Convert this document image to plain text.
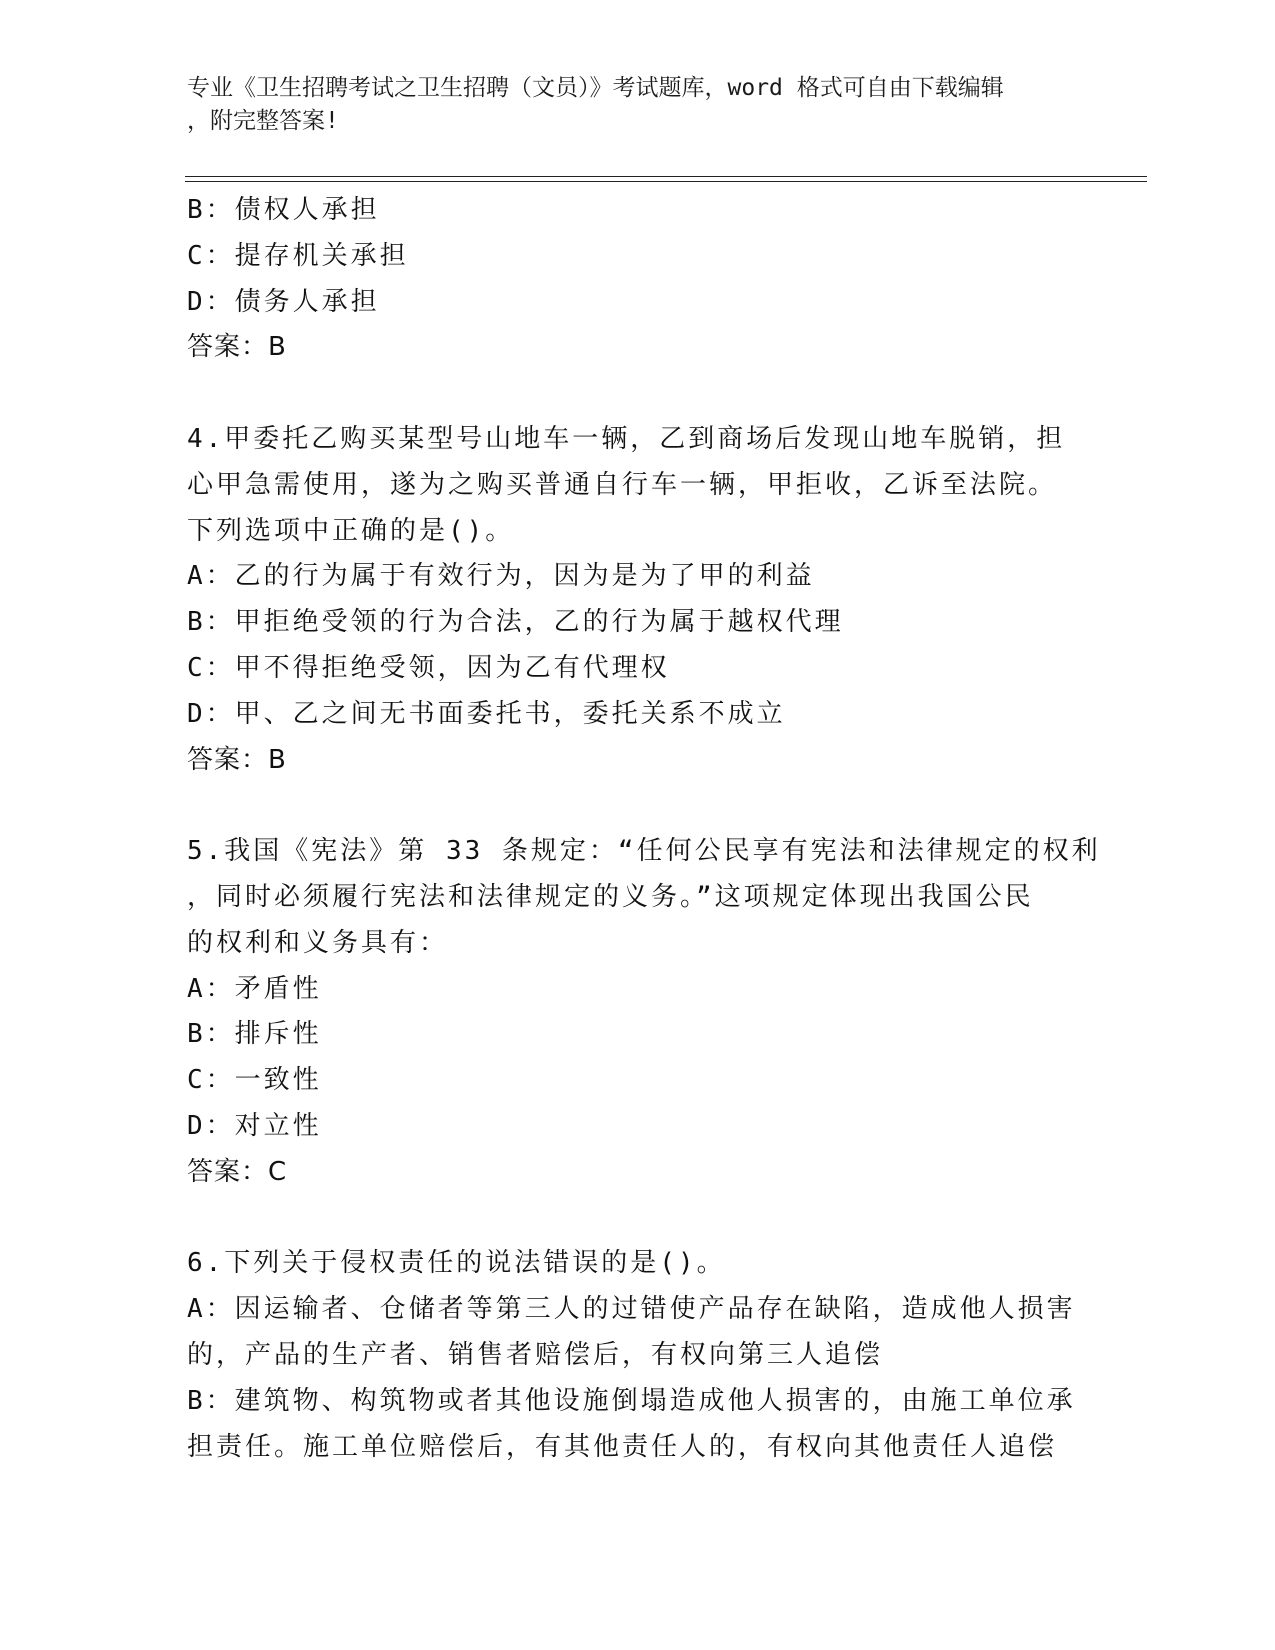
专业《卫生招聘考试之卫生招聘（文员）》考试题库，word 格式可自由下载编辑
，附完整答案!
B：债权人承担
C：提存机关承担
D：债务人承担
答案：B
4.甲委托乙购买某型号山地车一辆，乙到商场后发现山地车脱销，担
心甲急需使用，遂为之购买普通自行车一辆，甲拒收，乙诉至法院。
下列选项中正确的是()。
A：乙的行为属于有效行为，因为是为了甲的利益
B：甲拒绝受领的行为合法，乙的行为属于越权代理
C：甲不得拒绝受领，因为乙有代理权
D：甲、乙之间无书面委托书，委托关系不成立
答案：B
5.我国《宪法》第 33 条规定：“任何公民享有宪法和法律规定的权利
，同时必须履行宪法和法律规定的义务。”这项规定体现出我国公民
的权利和义务具有：
A：矛盾性
B：排斥性
C：一致性
D：对立性
答案：C
6.下列关于侵权责任的说法错误的是()。
A：因运输者、仓储者等第三人的过错使产品存在缺陷，造成他人损害
的，产品的生产者、销售者赔偿后，有权向第三人追偿
B：建筑物、构筑物或者其他设施倒塌造成他人损害的，由施工单位承
担责任。施工单位赔偿后，有其他责任人的，有权向其他责任人追偿
